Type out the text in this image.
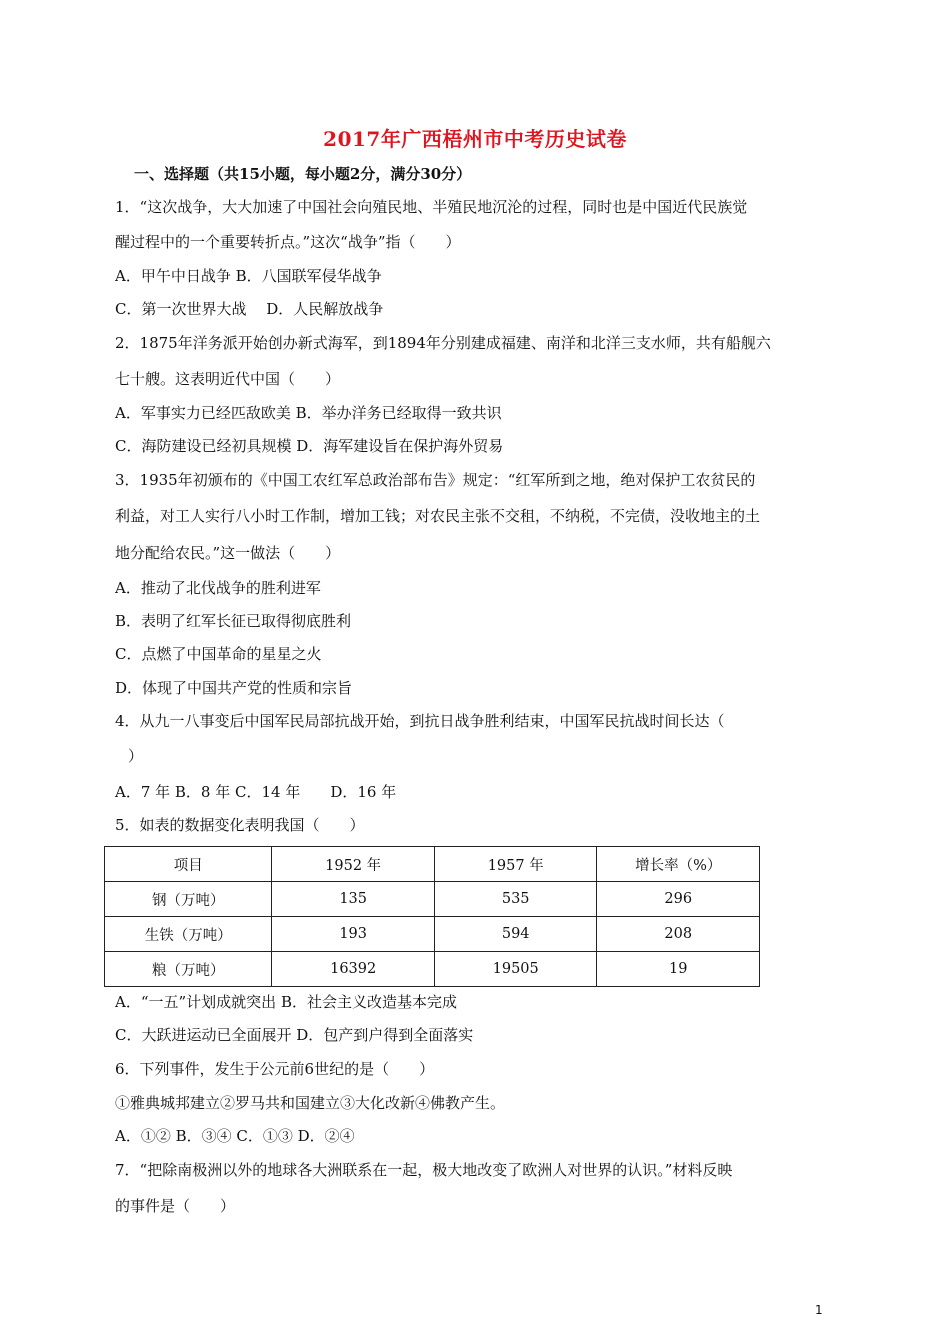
2017年广西梧州市中考历史试卷
一、选择题（共15小题，每小题2分，满分30分）
1．“这次战争，大大加速了中国社会向殖民地、半殖民地沉沦的过程，同时也是中国近代民族觉
醒过程中的一个重要转折点。”这次“战争”指（　　）
A．甲午中日战争 B．八国联军侵华战争
C．第一次世界大战　 D．人民解放战争
2．1875年洋务派开始创办新式海军，到1894年分别建成福建、南洋和北洋三支水师，共有船舰六
七十艘。这表明近代中国（　　）
A．军事实力已经匹敌欧美 B．举办洋务已经取得一致共识
C．海防建设已经初具规模 D．海军建设旨在保护海外贸易
3．1935年初颁布的《中国工农红军总政治部布告》规定：“红军所到之地，绝对保护工农贫民的
利益，对工人实行八小时工作制，增加工钱；对农民主张不交租，不纳税，不完债，没收地主的土
地分配给农民。”这一做法（　　）
A．推动了北伐战争的胜利进军
B．表明了红军长征已取得彻底胜利
C．点燃了中国革命的星星之火
D．体现了中国共产党的性质和宗旨
4．从九一八事变后中国军民局部抗战开始，到抗日战争胜利结束，中国军民抗战时间长达（
）
A．7 年 B．8 年 C．14 年　　D．16 年
5．如表的数据变化表明我国（　　）
项目	1952 年	1957 年	增长率（%）
钢（万吨）	135	535	296
生铁（万吨）	193	594	208
粮（万吨）	16392	19505	19
A．“一五”计划成就突出 B．社会主义改造基本完成
C．大跃进运动已全面展开 D．包产到户得到全面落实
6．下列事件，发生于公元前6世纪的是（　　）
①雅典城邦建立②罗马共和国建立③大化改新④佛教产生。
A．①② B．③④ C．①③ D．②④
7．“把除南极洲以外的地球各大洲联系在一起，极大地改变了欧洲人对世界的认识。”材料反映
的事件是（　　）
1
